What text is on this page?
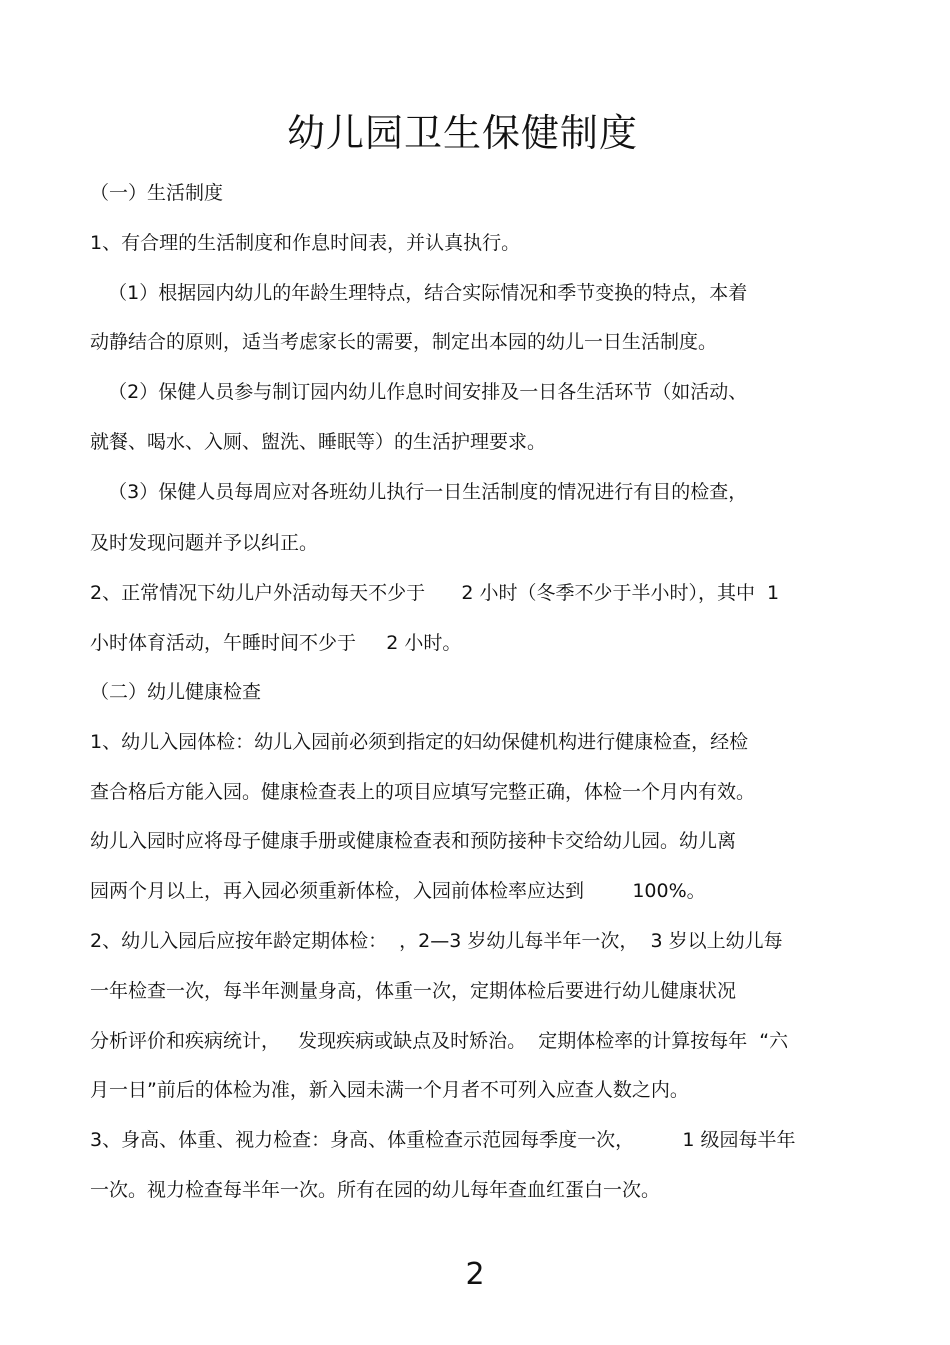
幼儿园卫生保健制度
（一）生活制度
1、有合理的生活制度和作息时间表，并认真执行。
（1）根据园内幼儿的年龄生理特点，结合实际情况和季节变换的特点，本着
动静结合的原则，适当考虑家长的需要，制定出本园的幼儿一日生活制度。
（2）保健人员参与制订园内幼儿作息时间安排及一日各生活环节（如活动、
就餐、喝水、入厕、盥洗、睡眠等）的生活护理要求。
（3）保健人员每周应对各班幼儿执行一日生活制度的情况进行有目的检查，
及时发现问题并予以纠正。
2、正常情况下幼儿户外活动每天不少于      2 小时（冬季不少于半小时），其中  1
小时体育活动，午睡时间不少于     2 小时。
（二）幼儿健康检查
1、幼儿入园体检：幼儿入园前必须到指定的妇幼保健机构进行健康检查，经检
查合格后方能入园。健康检查表上的项目应填写完整正确，体检一个月内有效。
幼儿入园时应将母子健康手册或健康检查表和预防接种卡交给幼儿园。幼儿离
园两个月以上，再入园必须重新体检，入园前体检率应达到        100%。
2、幼儿入园后应按年龄定期体检：  ，2—3 岁幼儿每半年一次，  3 岁以上幼儿每
一年检查一次，每半年测量身高，体重一次，定期体检后要进行幼儿健康状况
分析评价和疾病统计，   发现疾病或缺点及时矫治。  定期体检率的计算按每年  “六
月一日”前后的体检为准，新入园未满一个月者不可列入应查人数之内。
3、身高、体重、视力检查：身高、体重检查示范园每季度一次，        1 级园每半年
一次。视力检查每半年一次。所有在园的幼儿每年查血红蛋白一次。
2
